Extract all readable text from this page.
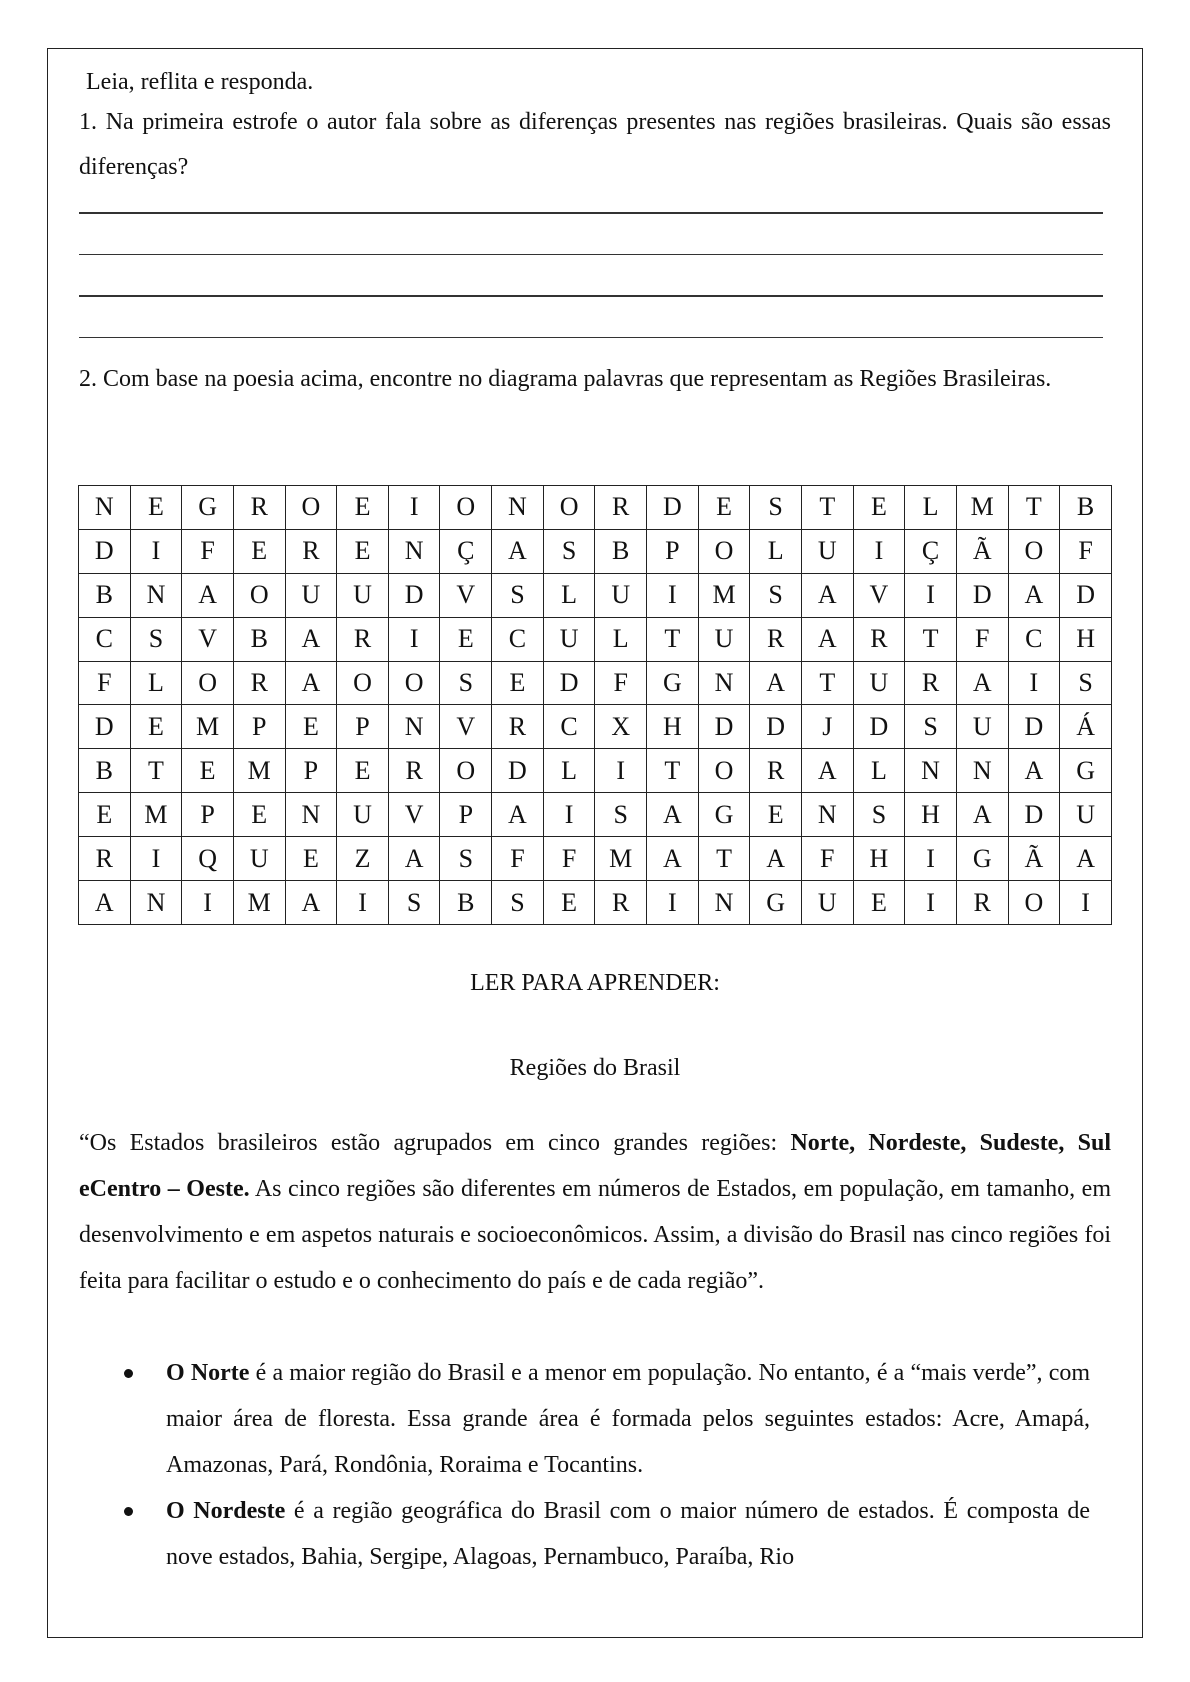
Leia, reflita e responda.
1. Na primeira estrofe o autor fala sobre as diferenças presentes nas regiões brasileiras. Quais são essas diferenças?
2. Com base na poesia acima, encontre no diagrama palavras que representam as Regiões Brasileiras.
N	E	G	R	O	E	I	O	N	O	R	D	E	S	T	E	L	M	T	B
D	I	F	E	R	E	N	Ç	A	S	B	P	O	L	U	I	Ç	Ã	O	F
B	N	A	O	U	U	D	V	S	L	U	I	M	S	A	V	I	D	A	D
C	S	V	B	A	R	I	E	C	U	L	T	U	R	A	R	T	F	C	H
F	L	O	R	A	O	O	S	E	D	F	G	N	A	T	U	R	A	I	S
D	E	M	P	E	P	N	V	R	C	X	H	D	D	J	D	S	U	D	Á
B	T	E	M	P	E	R	O	D	L	I	T	O	R	A	L	N	N	A	G
E	M	P	E	N	U	V	P	A	I	S	A	G	E	N	S	H	A	D	U
R	I	Q	U	E	Z	A	S	F	F	M	A	T	A	F	H	I	G	Ã	A
A	N	I	M	A	I	S	B	S	E	R	I	N	G	U	E	I	R	O	I
LER PARA APRENDER:
Regiões do Brasil
“Os Estados brasileiros estão agrupados em cinco grandes regiões: Norte, Nordeste, Sudeste, Sul eCentro – Oeste. As cinco regiões são diferentes em números de Estados, em população, em tamanho, em desenvolvimento e em aspetos naturais e socioeconômicos. Assim, a divisão do Brasil nas cinco regiões foi feita para facilitar o estudo e o conhecimento do país e de cada região”.
O Norte é a maior região do Brasil e a menor em população. No entanto, é a “mais verde”, com maior área de floresta. Essa grande área é formada pelos seguintes estados: Acre, Amapá, Amazonas, Pará, Rondônia, Roraima e Tocantins.
O Nordeste é a região geográfica do Brasil com o maior número de estados. É composta de nove estados, Bahia, Sergipe, Alagoas, Pernambuco, Paraíba, Rio
